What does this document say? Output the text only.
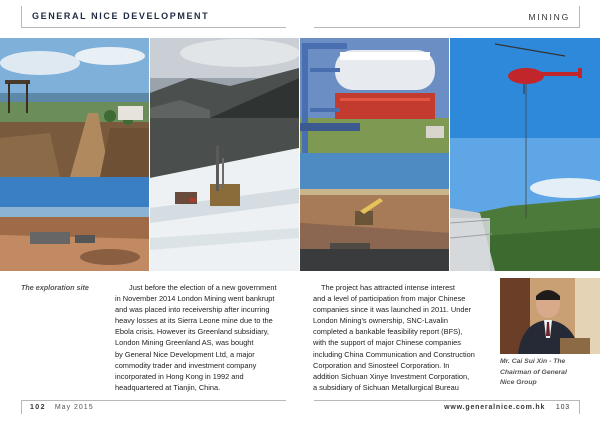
GENERAL NICE DEVELOPMENT	MINING
The exploration site
Mr. Cai Sui Xin - The
Chairman of General
Nice Group
Just before the election of a new government
in November 2014 London Mining went bankrupt
and was placed into receivership after incurring
heavy losses at its Sierra Leone mine due to the
Ebola crisis. However its Greenland subsidiary,
London Mining Greenland AS, was bought
by General Nice Development Ltd, a major
commodity trader and investment company
incorporated in Hong Kong in 1992 and
headquartered at Tianjin, China.
The project has attracted intense interest
and a level of participation from major Chinese
companies since it was launched in 2011. Under
London Mining's ownership, SNC-Lavalin
completed a bankable feasibility report (BFS),
with the support of major Chinese companies
including China Communication and Construction
Corporation and Sinosteel Corporation. In
addition Sichuan Xinye Investment Corporation,
a subsidiary of Sichuan Metallurgical Bureau
102 May 2015	www.generalnice.com.hk 103
